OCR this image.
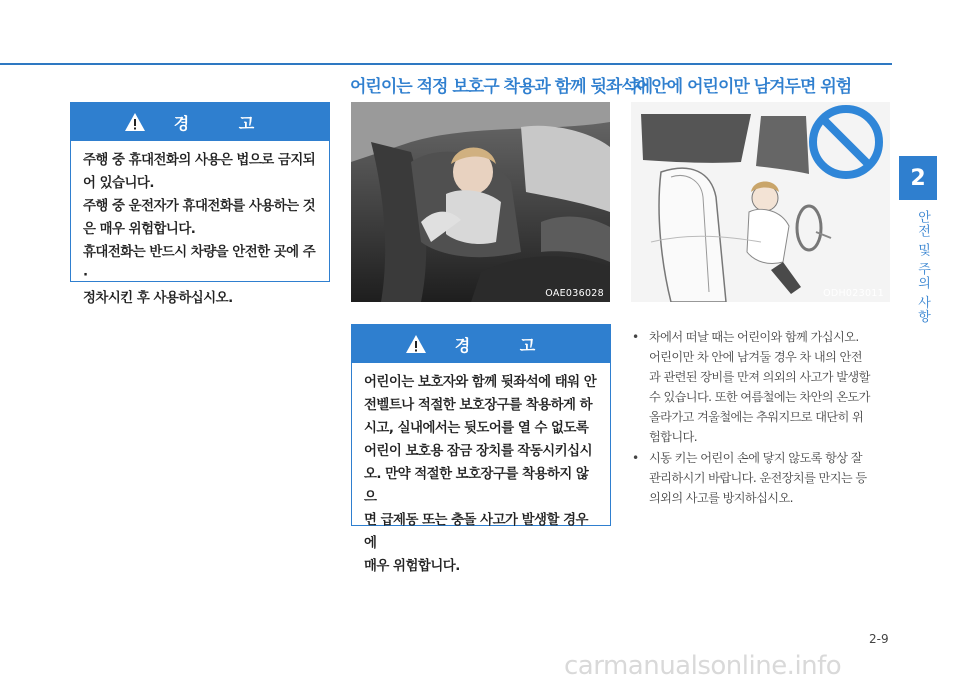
2
안전 및 주의 사항
경 고

주행 중 휴대전화의 사용은 법으로 금지되

어 있습니다.

주행 중 운전자가 휴대전화를 사용하는 것

은 매우 위험합니다.

휴대전화는 반드시 차량을 안전한 곳에 주·

정차시킨 후 사용하십시오.

어린이는 적정 보호구 착용과 함께 뒷좌석에
OAE036028
경 고

어린이는 보호자와 함께 뒷좌석에 태워 안

전벨트나 적절한 보호장구를 착용하게 하

시고, 실내에서는 뒷도어를 열 수 없도록

어린이 보호용 잠금 장치를 작동시키십시

오. 만약 적절한 보호장구를 착용하지 않으

면 급제동 또는 충돌 사고가 발생할 경우에

매우 위험합니다.

차 안에 어린이만 남겨두면 위험
ODH023011
• 차에서 떠날 때는 어린이와 함께 가십시오.
어린이만 차 안에 남겨둘 경우 차 내의 안전
과 관련된 장비를 만져 의외의 사고가 발생할
수 있습니다. 또한 여름철에는 차안의 온도가
올라가고 겨울철에는 추워지므로 대단히 위
험합니다.
• 시동 키는 어린이 손에 닿지 않도록 항상 잘
관리하시기 바랍니다. 운전장치를 만지는 등
의외의 사고를 방지하십시오.
2-9
carmanualsonline.info
